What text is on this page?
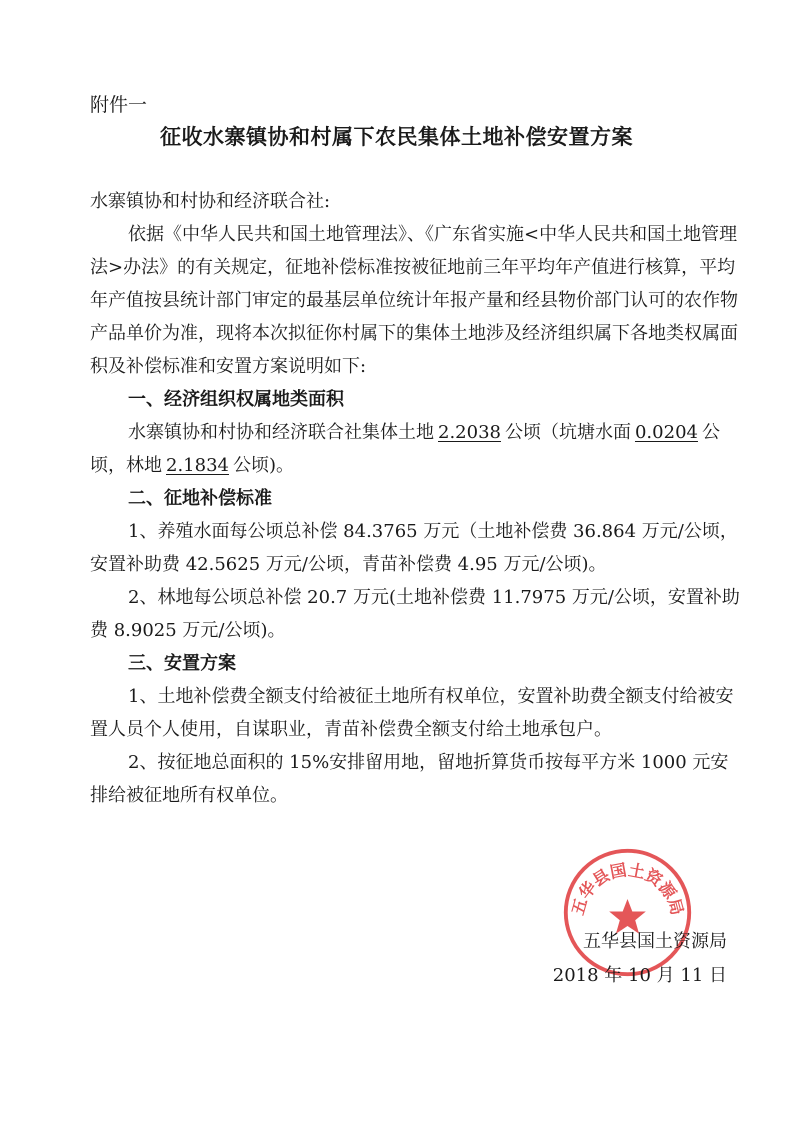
附件一
征收水寨镇协和村属下农民集体土地补偿安置方案

水寨镇协和村协和经济联合社:

依据《中华人民共和国土地管理法》、《广东省实施<中华人民共和国土地管理法>办法》的有关规定，征地补偿标准按被征地前三年平均年产值进行核算，平均年产值按县统计部门审定的最基层单位统计年报产量和经县物价部门认可的农作物产品单价为准，现将本次拟征你村属下的集体土地涉及经济组织属下各地类权属面积及补偿标准和安置方案说明如下:

一、经济组织权属地类面积

水寨镇协和村协和经济联合社集体土地 2.2038 公顷（坑塘水面 0.0204 公顷，林地 2.1834 公顷)。

二、征地补偿标准

1、养殖水面每公顷总补偿 84.3765 万元（土地补偿费 36.864 万元/公顷，安置补助费 42.5625 万元/公顷，青苗补偿费 4.95 万元/公顷)。

2、林地每公顷总补偿 20.7 万元(土地补偿费 11.7975 万元/公顷，安置补助费 8.9025 万元/公顷)。

三、安置方案

1、土地补偿费全额支付给被征土地所有权单位，安置补助费全额支付给被安置人员个人使用，自谋职业，青苗补偿费全额支付给土地承包户。

2、按征地总面积的 15%安排留用地，留地折算货币按每平方米 1000 元安排给被征地所有权单位。

五华县国土资源局
五华县国土资源局
2018 年 10 月 11 日
